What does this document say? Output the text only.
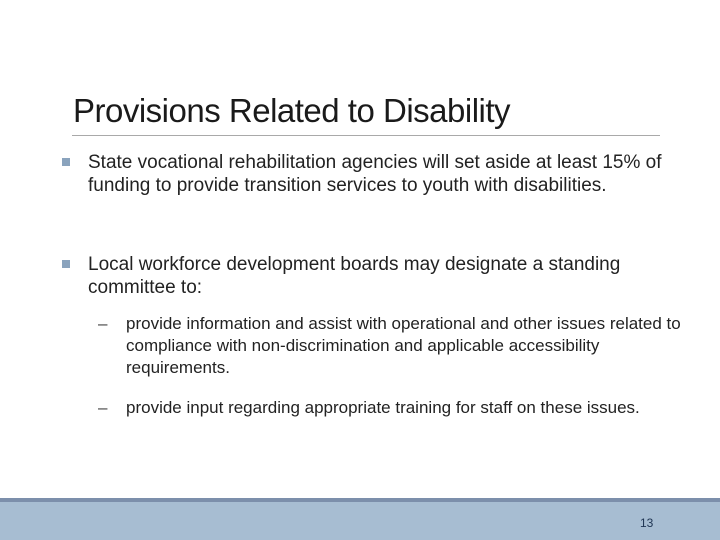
Provisions Related to Disability
State vocational rehabilitation agencies will set aside at least 15% of funding to provide transition services to youth with disabilities.
Local workforce development boards may designate a standing committee to:
– provide information and assist with operational and other issues related to compliance with non-discrimination and applicable accessibility requirements.
– provide input regarding appropriate training for staff on these issues.
13
